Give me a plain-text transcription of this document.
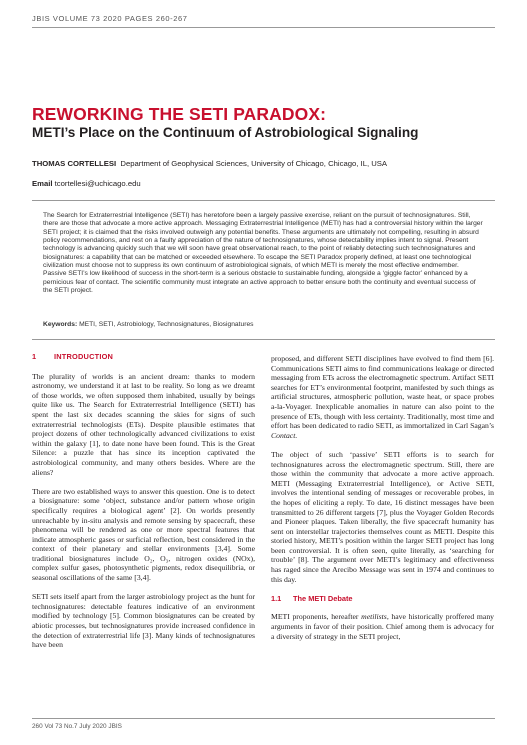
JBIS VOLUME 73 2020 PAGES 260-267
REWORKING THE SETI PARADOX:
METI’s Place on the Continuum of Astrobiological Signaling
THOMAS CORTELLESI Department of Geophysical Sciences, University of Chicago, Chicago, IL, USA
Email tcortellesi@uchicago.edu

The Search for Extraterrestrial Intelligence (SETI) has heretofore been a largely passive exercise, reliant on the pursuit of technosignatures. Still, there are those that advocate a more active approach. Messaging Extraterrestrial Intelligence (METI) has had a controversial history within the larger SETI project; it is claimed that the risks involved outweigh any potential benefits. These arguments are ultimately not compelling, resulting in absurd policy recommendations, and rest on a faulty appreciation of the nature of technosignatures, whose detectability implies intent to signal. Present technology is advancing quickly such that we will soon have great observational reach, to the point of reliably detecting such technosignatures and biosignatures: a capability that can be matched or exceeded elsewhere. To escape the SETI Paradox properly defined, at least one technological civilization must choose not to suppress its own continuum of astrobiological signals, of which METI is merely the most effective endmember. Passive SETI’s low likelihood of success in the short-term is a serious obstacle to sustainable funding, alongside a ‘giggle factor’ enhanced by a pernicious fear of contact. The scientific community must integrate an active approach to better ensure both the continuity and eventual success of the SETI project.

Keywords: METI, SETI, Astrobiology, Technosignatures, Biosignatures
1 INTRODUCTION

The plurality of worlds is an ancient dream: thanks to modern astronomy, we understand it at last to be reality. So long as we dreamt of those worlds, we often supposed them inhabited, usually by beings quite like us. The Search for Extraterrestrial Intelligence (SETI) has spent the last six decades scanning the skies for signs of such extraterrestrial technologists (ETs). Despite plausible estimates that project dozens of other technologically advanced civilizations to exist within the galaxy [1], to date none have been found. This is the Great Silence: a puzzle that has since its inception captivated the astrobiological community, and many others besides. Where are the aliens?

There are two established ways to answer this question. One is to detect a biosignature: some ‘object, substance and/or pattern whose origin specifically requires a biological agent’ [2]. On worlds presently unreachable by in-situ analysis and remote sensing by spacecraft, these phenomena will be rendered as one or more spectral features that indicate atmospheric gases or surficial reflection, best considered in the context of their planetary and stellar environments [3,4]. Some traditional biosignatures include O₂, O₃, nitrogen oxides (NOx), complex sulfur gases, photosynthetic pigments, redox disequilibria, or seasonal oscillations of the same [3,4].

SETI sets itself apart from the larger astrobiology project as the hunt for technosignatures: detectable features indicative of an environment modified by technology [5]. Common biosignatures can be created by abiotic processes, but technosignatures provide increased confidence in the detection of extraterrestrial life [3]. Many kinds of technosignatures have been

proposed, and different SETI disciplines have evolved to find them [6]. Communications SETI aims to find communications leakage or directed messaging from ETs across the electromagnetic spectrum. Artifact SETI searches for ET’s environmental footprint, manifested by such things as artificial structures, atmospheric pollution, waste heat, or space probes a-la-Voyager. Inexplicable anomalies in nature can also point to the presence of ETs, though with less certainty. Traditionally, most time and effort has been dedicated to radio SETI, as immortalized in Carl Sagan’s Contact.

The object of such ‘passive’ SETI efforts is to search for technosignatures across the electromagnetic spectrum. Still, there are those within the community that advocate a more active approach. METI (Messaging Extraterrestrial Intelligence), or Active SETI, involves the intentional sending of messages or recoverable probes, in the hopes of eliciting a reply. To date, 16 distinct messages have been transmitted to 26 different targets [7], plus the Voyager Golden Records and Pioneer plaques. Taken liberally, the five spacecraft humanity has sent on interstellar trajectories themselves count as METI. Despite this storied history, METI’s position within the larger SETI project has long been controversial. It is often seen, quite literally, as ‘searching for trouble’ [8]. The argument over METI’s legitimacy and effectiveness has raged since the Arecibo Message was sent in 1974 and continues to this day.

1.1 The METI Debate

METI proponents, hereafter metilists, have historically proffered many arguments in favor of their position. Chief among them is advocacy for a diversity of strategy in the SETI project,

260 Vol 73 No.7 July 2020 JBIS
